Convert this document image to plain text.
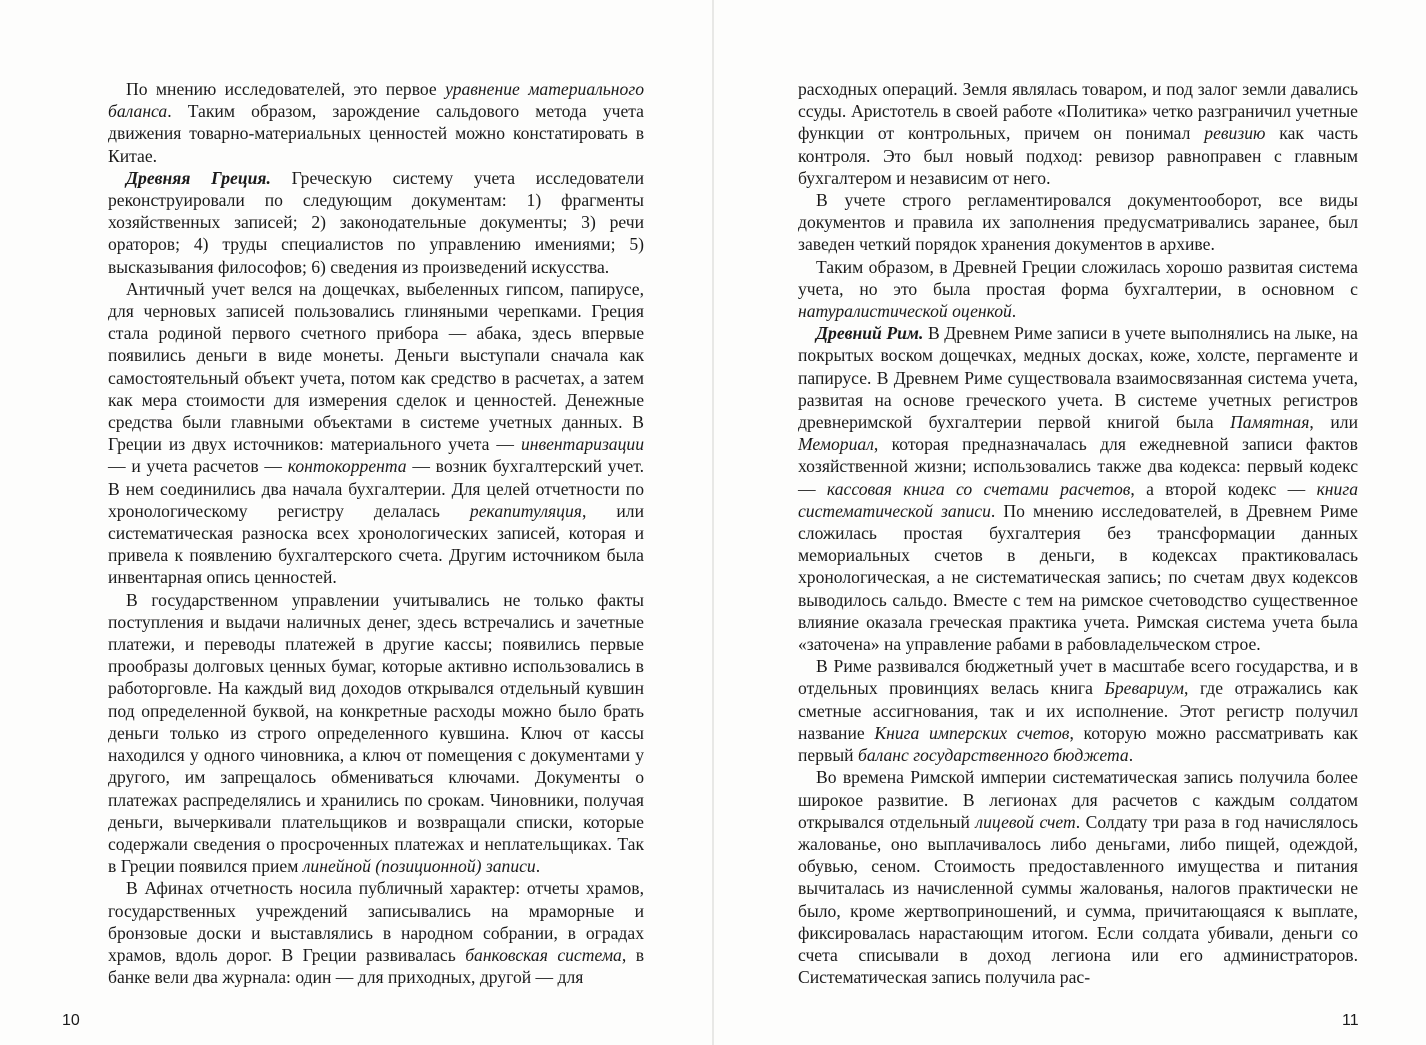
По мнению исследователей, это первое уравнение материального баланса. Таким образом, зарождение сальдового метода учета движения товарно-материальных ценностей можно констатировать в Китае.

Древняя Греция. Греческую систему учета исследователи реконструировали по следующим документам: 1) фрагменты хозяйственных записей; 2) законодательные документы; 3) речи ораторов; 4) труды специалистов по управлению имениями; 5) высказывания философов; 6) сведения из произведений искусства.

Античный учет велся на дощечках, выбеленных гипсом, папирусе, для черновых записей пользовались глиняными черепками. Греция стала родиной первого счетного прибора — абака, здесь впервые появились деньги в виде монеты. Деньги выступали сначала как самостоятельный объект учета, потом как средство в расчетах, а затем как мера стоимости для измерения сделок и ценностей. Денежные средства были главными объектами в системе учетных данных. В Греции из двух источников: материального учета — инвентаризации — и учета расчетов — контокоррента — возник бухгалтерский учет. В нем соединились два начала бухгалтерии. Для целей отчетности по хронологическому регистру делалась рекапитуляция, или систематическая разноска всех хронологических записей, которая и привела к появлению бухгалтерского счета. Другим источником была инвентарная опись ценностей.

В государственном управлении учитывались не только факты поступления и выдачи наличных денег, здесь встречались и зачетные платежи, и переводы платежей в другие кассы; появились первые прообразы долговых ценных бумаг, которые активно использовались в работорговле. На каждый вид доходов открывался отдельный кувшин под определенной буквой, на конкретные расходы можно было брать деньги только из строго определенного кувшина. Ключ от кассы находился у одного чиновника, а ключ от помещения с документами у другого, им запрещалось обмениваться ключами. Документы о платежах распределялись и хранились по срокам. Чиновники, получая деньги, вычеркивали плательщиков и возвращали списки, которые содержали сведения о просроченных платежах и неплательщиках. Так в Греции появился прием линейной (позиционной) записи.

В Афинах отчетность носила публичный характер: отчеты храмов, государственных учреждений записывались на мраморные и бронзовые доски и выставлялись в народном собрании, в оградах храмов, вдоль дорог. В Греции развивалась банковская система, в банке вели два журнала: один — для приходных, другой — для

расходных операций. Земля являлась товаром, и под залог земли давались ссуды. Аристотель в своей работе «Политика» четко разграничил учетные функции от контрольных, причем он понимал ревизию как часть контроля. Это был новый подход: ревизор равноправен с главным бухгалтером и независим от него.

В учете строго регламентировался документооборот, все виды документов и правила их заполнения предусматривались заранее, был заведен четкий порядок хранения документов в архиве.

Таким образом, в Древней Греции сложилась хорошо развитая система учета, но это была простая форма бухгалтерии, в основном с натуралистической оценкой.

Древний Рим. В Древнем Риме записи в учете выполнялись на лыке, на покрытых воском дощечках, медных досках, коже, холсте, пергаменте и папирусе. В Древнем Риме существовала взаимосвязанная система учета, развитая на основе греческого учета. В системе учетных регистров древнеримской бухгалтерии первой книгой была Памятная, или Мемориал, которая предназначалась для ежедневной записи фактов хозяйственной жизни; использовались также два кодекса: первый кодекс — кассовая книга со счетами расчетов, а второй кодекс — книга систематической записи. По мнению исследователей, в Древнем Риме сложилась простая бухгалтерия без трансформации данных мемориальных счетов в деньги, в кодексах практиковалась хронологическая, а не систематическая запись; по счетам двух кодексов выводилось сальдо. Вместе с тем на римское счетоводство существенное влияние оказала греческая практика учета. Римская система учета была «заточена» на управление рабами в рабовладельческом строе.

В Риме развивался бюджетный учет в масштабе всего государства, и в отдельных провинциях велась книга Бревариум, где отражались как сметные ассигнования, так и их исполнение. Этот регистр получил название Книга имперских счетов, которую можно рассматривать как первый баланс государственного бюджета.

Во времена Римской империи систематическая запись получила более широкое развитие. В легионах для расчетов с каждым солдатом открывался отдельный лицевой счет. Солдату три раза в год начислялось жалованье, оно выплачивалось либо деньгами, либо пищей, одеждой, обувью, сеном. Стоимость предоставленного имущества и питания вычиталась из начисленной суммы жалованья, налогов практически не было, кроме жертвоприношений, и сумма, причитающаяся к выплате, фиксировалась нарастающим итогом. Если солдата убивали, деньги со счета списывали в доход легиона или его администраторов. Систематическая запись получила рас-

10	11
